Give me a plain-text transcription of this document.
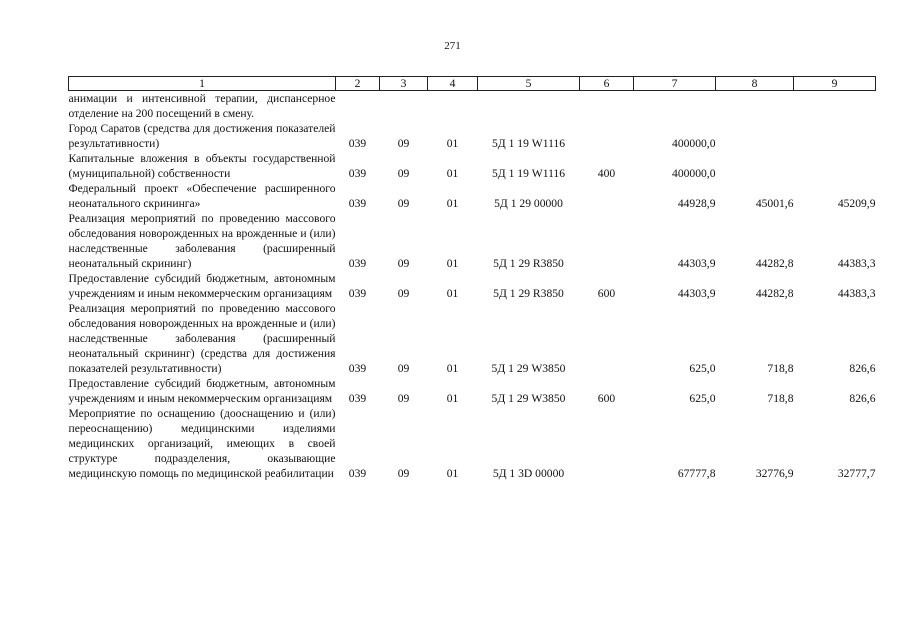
271
1	2	3	4	5	6	7	8	9
анимации и интенсивной терапии, диспансерное отделение на 200 посещений в смену.								
Город Саратов (средства для достижения показателей результативности)	039	09	01	5Д 1 19 W1116		400000,0		
Капитальные вложения в объекты государственной (муниципальной) собственности	039	09	01	5Д 1 19 W1116	400	400000,0		
Федеральный проект «Обеспечение расширенного неонатального скрининга»	039	09	01	5Д 1 29 00000		44928,9	45001,6	45209,9
Реализация мероприятий по проведению массового обследования новорожденных на врожденные и (или) наследственные заболевания (расширенный неонатальный скрининг)	039	09	01	5Д 1 29 R3850		44303,9	44282,8	44383,3
Предоставление субсидий бюджетным, автономным учреждениям и иным некоммерческим организациям	039	09	01	5Д 1 29 R3850	600	44303,9	44282,8	44383,3
Реализация мероприятий по проведению массового обследования новорожденных на врожденные и (или) наследственные заболевания (расширенный неонатальный скрининг) (средства для достижения показателей результативности)	039	09	01	5Д 1 29 W3850		625,0	718,8	826,6
Предоставление субсидий бюджетным, автономным учреждениям и иным некоммерческим организациям	039	09	01	5Д 1 29 W3850	600	625,0	718,8	826,6
Мероприятие по оснащению (дооснащению и (или) переоснащению) медицинскими изделиями медицинских организаций, имеющих в своей структуре подразделения, оказывающие медицинскую помощь по медицинской реабилитации	039	09	01	5Д 1 3D 00000		67777,8	32776,9	32777,7
